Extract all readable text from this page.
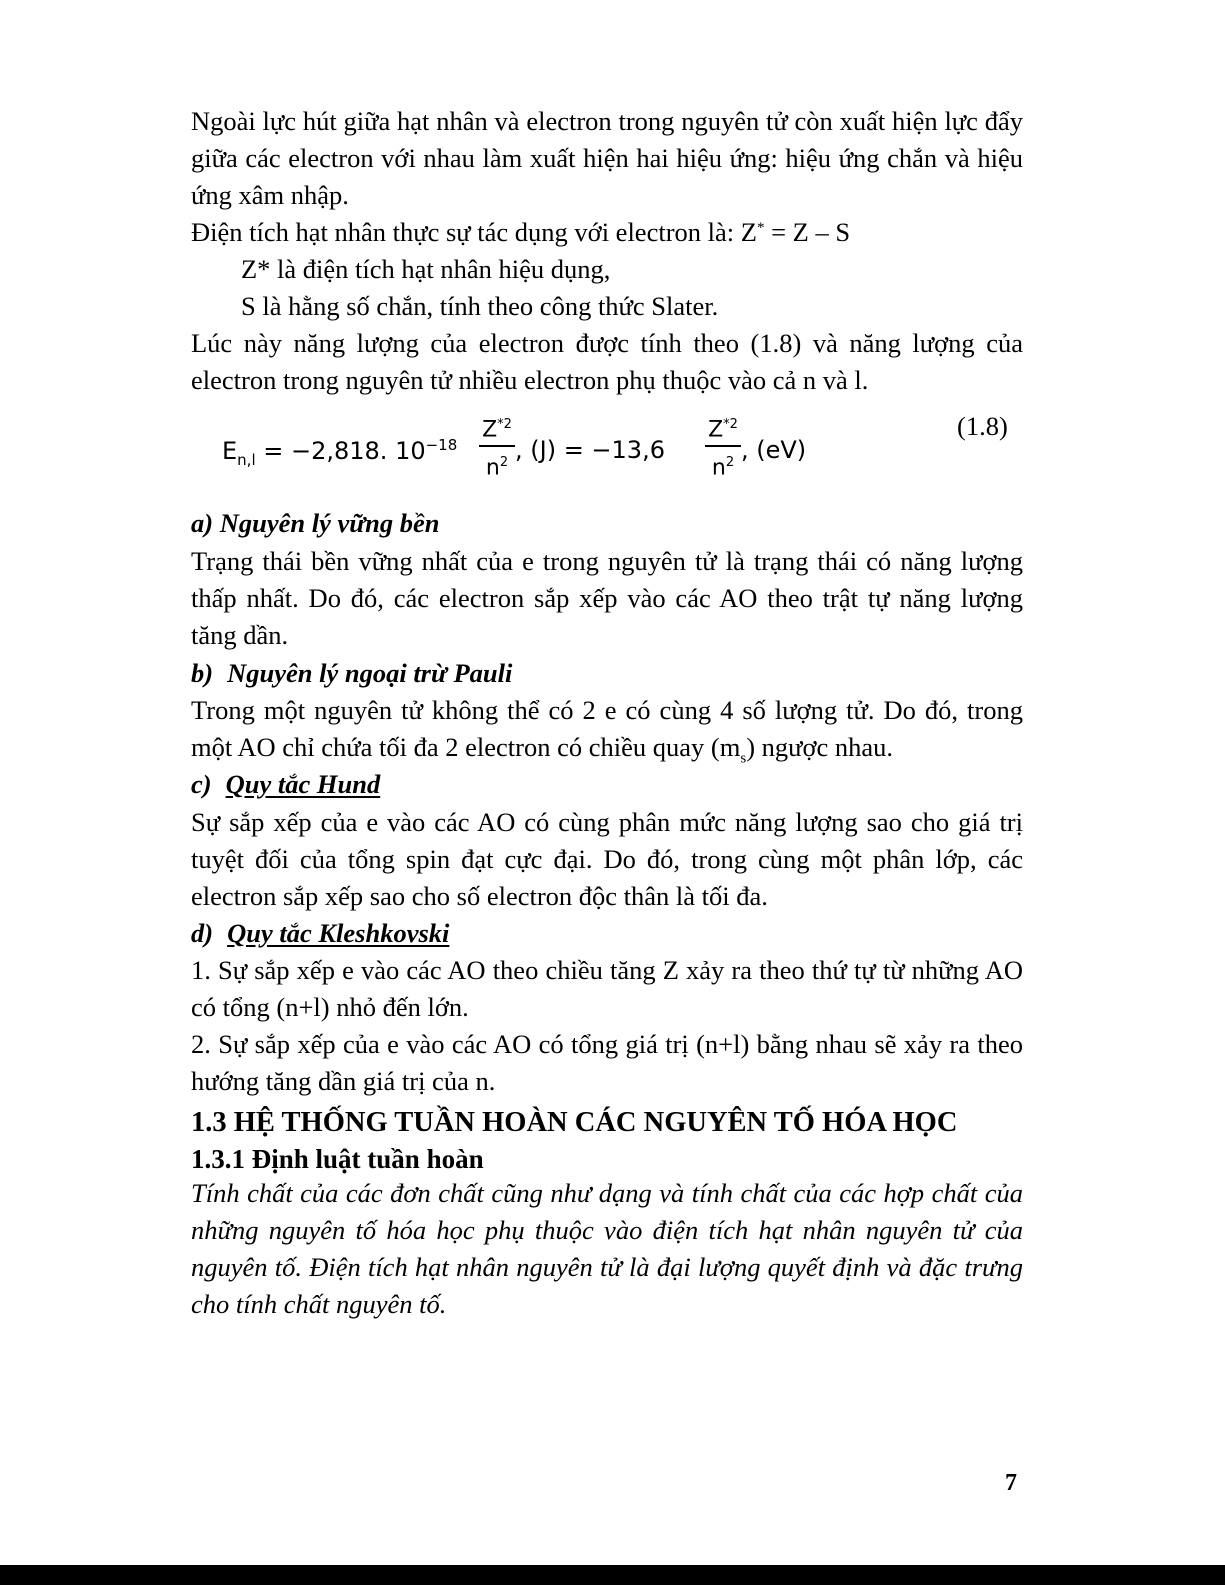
Ngoài lực hút giữa hạt nhân và electron trong nguyên tử còn xuất hiện lực đẩy giữa các electron với nhau làm xuất hiện hai hiệu ứng: hiệu ứng chắn và hiệu ứng xâm nhập.
Điện tích hạt nhân thực sự tác dụng với electron là: Z* = Z – S
Z* là điện tích hạt nhân hiệu dụng,
S là hằng số chắn, tính theo công thức Slater.
Lúc này năng lượng của electron được tính theo (1.8) và năng lượng của electron trong nguyên tử nhiều electron phụ thuộc vào cả n và l.
$E_{n,l} = -2,818$. $10^{-18}$
$Z^{*2}$
$n^2$ , (J) = −13,6
$Z^{*2}$
$n^2$ , (eV)
(1.8)
a) Nguyên lý vững bền
Trạng thái bền vững nhất của e trong nguyên tử là trạng thái có năng lượng thấp nhất. Do đó, các electron sắp xếp vào các AO theo trật tự năng lượng tăng dần.
b) Nguyên lý ngoại trừ Pauli
Trong một nguyên tử không thể có 2 e có cùng 4 số lượng tử. Do đó, trong một AO chỉ chứa tối đa 2 electron có chiều quay $(m_s)$ ngược nhau.
c) Quy tắc Hund
Sự sắp xếp của e vào các AO có cùng phân mức năng lượng sao cho giá trị tuyệt đối của tổng spin đạt cực đại. Do đó, trong cùng một phân lớp, các electron sắp xếp sao cho số electron độc thân là tối đa.
d) Quy tắc Kleshkovski
1. Sự sắp xếp e vào các AO theo chiều tăng Z xảy ra theo thứ tự từ những AO có tổng (n+l) nhỏ đến lớn.
2. Sự sắp xếp của e vào các AO có tổng giá trị (n+l) bằng nhau sẽ xảy ra theo hướng tăng dần giá trị của n.
1.3 HỆ THỐNG TUẦN HOÀN CÁC NGUYÊN TỐ HÓA HỌC
1.3.1 Định luật tuần hoàn
Tính chất của các đơn chất cũng như dạng và tính chất của các hợp chất của những nguyên tố hóa học phụ thuộc vào điện tích hạt nhân nguyên tử của nguyên tố. Điện tích hạt nhân nguyên tử là đại lượng quyết định và đặc trưng cho tính chất nguyên tố.
7
